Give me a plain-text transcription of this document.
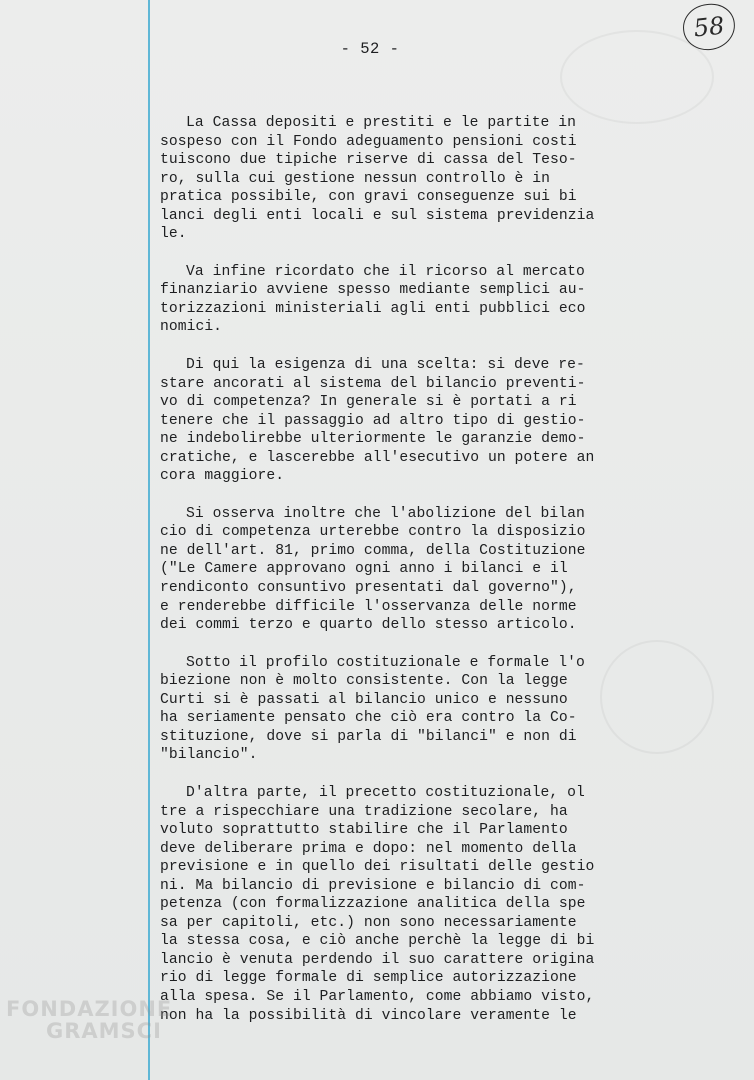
58
- 52 -

La Cassa depositi e prestiti e le partite in
sospeso con il Fondo adeguamento pensioni costi
tuiscono due tipiche riserve di cassa del Teso-
ro, sulla cui gestione nessun controllo è in
pratica possibile, con gravi conseguenze sui bi
lanci degli enti locali e sul sistema previdenzia
le.

Va infine ricordato che il ricorso al mercato
finanziario avviene spesso mediante semplici au-
torizzazioni ministeriali agli enti pubblici eco
nomici.

Di qui la esigenza di una scelta: si deve re-
stare ancorati al sistema del bilancio preventi-
vo di competenza? In generale si è portati a ri
tenere che il passaggio ad altro tipo di gestio-
ne indebolirebbe ulteriormente le garanzie demo-
cratiche, e lascerebbe all'esecutivo un potere an
cora maggiore.

Si osserva inoltre che l'abolizione del bilan
cio di competenza urterebbe contro la disposizio
ne dell'art. 81, primo comma, della Costituzione
("Le Camere approvano ogni anno i bilanci e il
rendiconto consuntivo presentati dal governo"),
e renderebbe difficile l'osservanza delle norme
dei commi terzo e quarto dello stesso articolo.

Sotto il profilo costituzionale e formale l'o
biezione non è molto consistente. Con la legge
Curti si è passati al bilancio unico e nessuno
ha seriamente pensato che ciò era contro la Co-
stituzione, dove si parla di "bilanci" e non di
"bilancio".

D'altra parte, il precetto costituzionale, ol
tre a rispecchiare una tradizione secolare, ha
voluto soprattutto stabilire che il Parlamento
deve deliberare prima e dopo: nel momento della
previsione e in quello dei risultati delle gestio
ni. Ma bilancio di previsione e bilancio di com-
petenza (con formalizzazione analitica della spe
sa per capitoli, etc.) non sono necessariamente
la stessa cosa, e ciò anche perchè la legge di bi
lancio è venuta perdendo il suo carattere origina
rio di legge formale di semplice autorizzazione
alla spesa. Se il Parlamento, come abbiamo visto,
non ha la possibilità di vincolare veramente le

FONDAZIONE
GRAMSCI
